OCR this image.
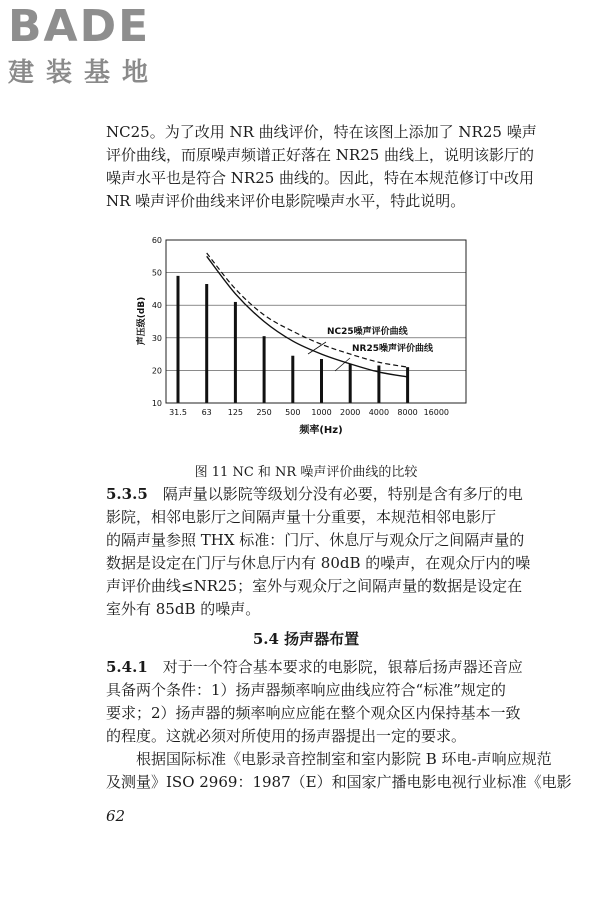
BADE
建装基地
NC25。为了改用 NR 曲线评价，特在该图上添加了 NR25 噪声
评价曲线，而原噪声频谱正好落在 NR25 曲线上，说明该影厅的
噪声水平也是符合 NR25 曲线的。因此，特在本规范修订中改用
NR 噪声评价曲线来评价电影院噪声水平，特此说明。
10
20
30
40
50
60
31.5 63 125 250 500 1000 2000 4000 8000 16000
声压级(dB)
频率(Hz)
NC25噪声评价曲线
NR25噪声评价曲线

图 11 NC 和 NR 噪声评价曲线的比较

5.3.5  隔声量以影院等级划分没有必要，特别是含有多厅的电
影院，相邻电影厅之间隔声量十分重要，本规范相邻电影厅
的隔声量参照 THX 标准：门厅、休息厅与观众厅之间隔声量的
数据是设定在门厅与休息厅内有 80dB 的噪声，在观众厅内的噪
声评价曲线≤NR25；室外与观众厅之间隔声量的数据是设定在
室外有 85dB 的噪声。

5.4 扬声器布置

5.4.1  对于一个符合基本要求的电影院，银幕后扬声器还音应
具备两个条件：1）扬声器频率响应曲线应符合“标准”规定的
要求；2）扬声器的频率响应应能在整个观众区内保持基本一致
的程度。这就必须对所使用的扬声器提出一定的要求。
根据国际标准《电影录音控制室和室内影院 B 环电-声响应规范
及测量》ISO 2969：1987（E）和国家广播电影电视行业标准《电影

62
